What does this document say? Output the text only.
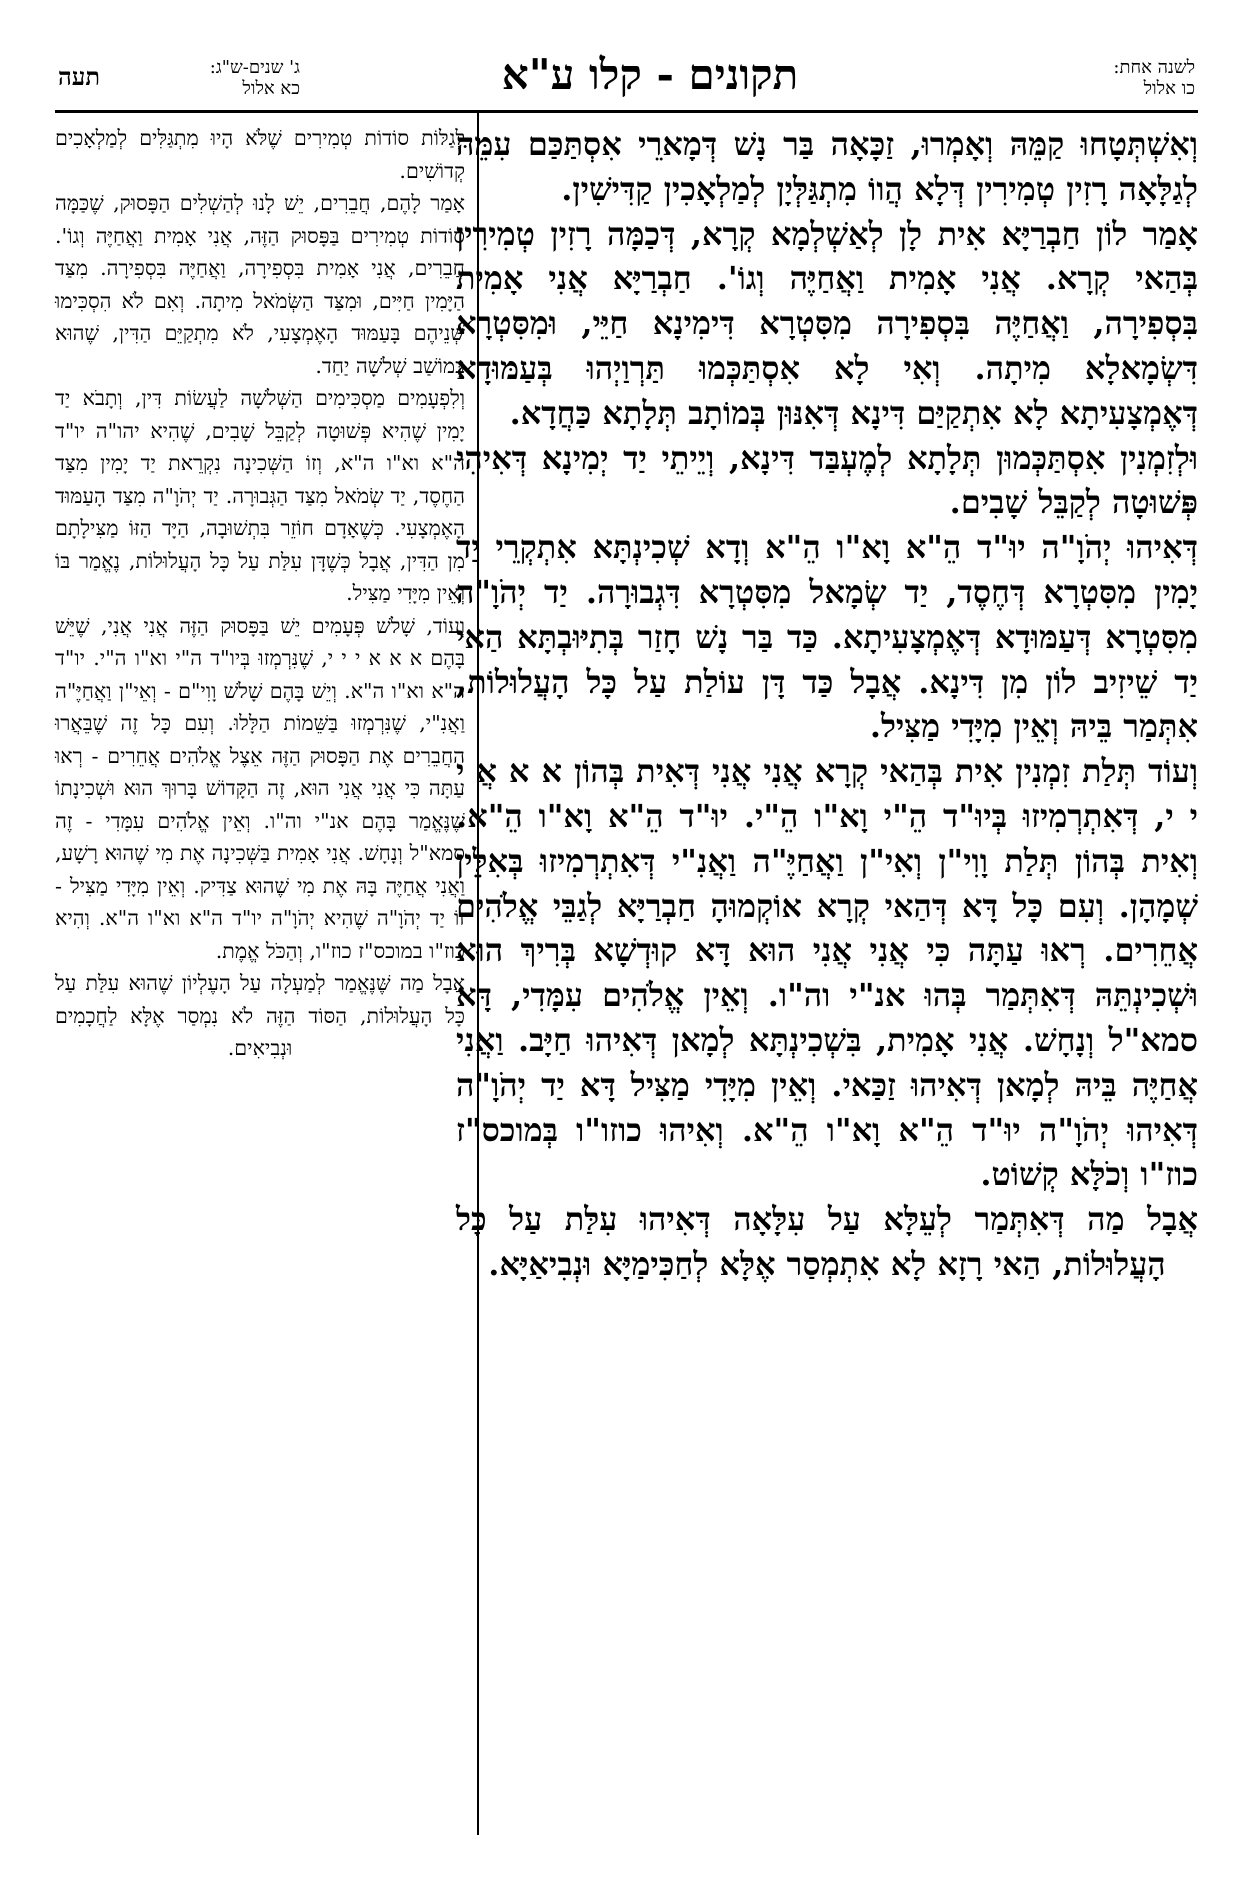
לשנה אחת:
כו אלול
תקונים - קלו ע"א
ג' שנים-ש"ג:
כא אלול
תעה

וְאִשְׁתְּטָחוּ קַמֵּהּ וְאָמְרוּ, זַכָּאָה בַּר נָשׁ דְּמָארֵי אִסְתַּכַּם עִמֵּהּ לְגַלָּאָה רָזִין טְמִירִין דְּלָא הֲווֹ מִתְגַּלְּיָן לְמַלְאָכִין קַדִּישִׁין.

אָמַר לוֹן חַבְרַיָּא אִית לָן לְאַשְׁלְמָא קְרָא, דְּכַמָּה רָזִין טְמִירִין בְּהַאי קְרָא. אֲנִי אָמִית וַאֲחַיֶּה וְגוֹ'. חַבְרַיָּא אֲנִי אָמִית בִּסְפִירָה, וַאֲחַיֶּה בִּסְפִירָה מִסִּטְרָא דִּימִינָא חַיֵּי, וּמִסִּטְרָא דִּשְׂמָאלָא מִיתָה. וְאִי לָא אִסְתַּכְּמוּ תַּרְוַיְהוּ בְּעַמּוּדָא דְּאֶמְצָעִיתָא לָא אִתְקַיַּם דִּינָא דְּאִנּוּן בְּמוֹתָב תְּלָתָא כַּחֲדָא.

וּלְזִמְנִין אִסְתַּכְּמוּן תְּלָתָא לְמֶעְבַּד דִּינָא, וְיֵיתֵי יַד יְמִינָא דְּאִיהִי פְּשׁוּטָה לְקַבֵּל שָׁבִים.

דְּאִיהוּ יְהֹוָ"ה יוּ"ד הֵ"א וָא"ו הֵ"א וְדָא שְׁכִינְתָּא אִתְקְרֵי יַד יָמִין מִסִּטְרָא דְּחֶסֶד, יַד שְׂמָאל מִסִּטְרָא דִּגְבוּרָה. יַד יְהֹוָ"ה מִסִּטְרָא דְּעַמּוּדָא דְּאֶמְצָעִיתָא. כַּד בַּר נָשׁ חָזַר בְּתִיּוּבְתָּא הַאי יַד שֵׁיזִיב לוֹן מִן דִּינָא. אֲבָל כַּד דָּן עוֹלַת עַל כָּל הָעֲלוּלוֹת, אִתְּמַר בֵּיהּ וְאֵין מִיָּדִי מַצִּיל.

וְעוֹד תְּלַת זִמְנִין אִית בְּהַאי קְרָא אֲנִי אֲנִי דְּאִית בְּהוֹן א א אֲ י י י, דְּאִתְרְמִיזוּ בְּיוּ"ד הֵ"י וָא"ו הֵ"י. יוּ"ד הֵ"א וָא"ו הֵ"א. וְאִית בְּהוֹן תְּלַת וָוִי"ן וְאִי"ן וַאֲחַיֶּ"ה וַאֲנִ"י דְּאִתְרְמִיזוּ בְּאִלֵּין שְׁמָהָן. וְעִם כָּל דָּא דְּהַאי קְרָא אוֹקְמוּהָ חַבְרַיָּא לְגַבֵּי אֱלֹהִים אֲחֵרִים. רְאוּ עַתָּה כִּי אֲנִי אֲנִי הוּא דָּא קוּדְשָׁא בְּרִיךְ הוּא וּשְׁכִינְתֵּהּ דְּאִתְּמַר בְּהוּ אנ"י וה"ו. וְאֵין אֱלֹהִים עִמָּדִי, דָּא סמא"ל וְנָחָשׁ. אֲנִי אָמִית, בִּשְׁכִינְתָּא לְמָאן דְּאִיהוּ חַיָּב. וַאֲנִי אֲחַיֶּה בֵּיהּ לְמָאן דְּאִיהוּ זַכַּאי. וְאֵין מִיָּדִי מַצִּיל דָּא יַד יְהֹוָ"ה דְּאִיהוּ יְהֹוָ"ה יוּ"ד הֵ"א וָא"ו הֵ"א. וְאִיהוּ כוזו"ו בְּמוכס"ז כוז"ו וְכֹלָּא קְשׁוֹט.

אֲבָל מַה דְּאִתְּמַר לְעֵלָּא עַל עִלָּאָה דְּאִיהוּ עִלַּת עַל כָּל הָעֲלוּלוֹת, הַאי רָזָא לָא אִתְמְסַר אֶלָּא לְחַכִּימַיָּא וּנְבִיאַיָּא.

לְגַלּוֹת סוֹדוֹת טְמִירִים שֶׁלֹּא הָיוּ מִתְגַּלִּים לְמַלְאָכִים קְדוֹשִׁים.

אָמַר לָהֶם, חֲבֵרִים, יֵשׁ לָנוּ לְהַשְׁלִים הַפָּסוּק, שֶׁכַּמָּה סוֹדוֹת טְמִירִים בַּפָּסוּק הַזֶּה, אֲנִי אָמִית וַאֲחַיֶּה וְגוֹ'. חֲבֵרִים, אֲנִי אָמִית בִּסְפִירָה, וַאֲחַיֶּה בִּסְפִירָה. מִצַּד הַיָּמִין חַיִּים, וּמִצַּד הַשְּׂמֹאל מִיתָה. וְאִם לֹא הִסְכִּימוּ שְׁנֵיהֶם בָּעַמּוּד הָאֶמְצָעִי, לֹא מִתְקַיֵּם הַדִּין, שֶׁהוּא בְּמוֹשַׁב שְׁלֹשָׁה יַחַד.

וְלִפְעָמִים מַסְכִּימִים הַשְּׁלֹשָׁה לַעֲשׂוֹת דִּין, וְתָבֹא יַד יָמִין שֶׁהִיא פְּשׁוּטָה לְקַבֵּל שָׁבִים, שֶׁהִיא יהו"ה יו"ד ה"א וא"ו ה"א, וְזוֹ הַשְּׁכִינָה נִקְרֵאת יַד יָמִין מִצַּד הַחֶסֶד, יַד שְׂמֹאל מִצַּד הַגְּבוּרָה. יַד יְהֹוָ"ה מִצַּד הָעַמּוּד הָאֶמְצָעִי. כְּשֶׁאָדָם חוֹזֵר בִּתְשׁוּבָה, הַיָּד הַזּוֹ מַצִּילָתָם מִן הַדִּין, אֲבָל כְּשֶׁדָּן עִלַּת עַל כָּל הָעֲלוּלוֹת, נֶאֱמַר בּוֹ וְאֵין מִיָּדִי מַצִּיל.

וְעוֹד, שָׁלֹשׁ פְּעָמִים יֵשׁ בַּפָּסוּק הַזֶּה אֲנִי אֲנִי, שֶׁיֵּשׁ בָּהֶם א א א י י י, שֶׁנִּרְמְזוּ בְּיו"ד ה"י וא"ו ה"י. יו"ד ה"א וא"ו ה"א. וְיֵשׁ בָּהֶם שָׁלֹשׁ וָוִי"ם - וְאֵי"ן וַאֲחַיֶּ"ה וַאֲנִ"י, שֶׁנִּרְמְזוּ בַּשֵּׁמוֹת הַלָּלוּ. וְעִם כָּל זֶה שֶׁבֵּאֲרוּ הַחֲבֵרִים אֶת הַפָּסוּק הַזֶּה אֵצֶל אֱלֹהִים אֲחֵרִים - רְאוּ עַתָּה כִּי אֲנִי אֲנִי הוּא, זֶה הַקָּדוֹשׁ בָּרוּךְ הוּא וּשְׁכִינָתוֹ שֶׁנֶּאֱמַר בָּהֶם אנ"י וה"ו. וְאֵין אֱלֹהִים עִמָּדִי - זֶה סמא"ל וְנָחָשׁ. אֲנִי אָמִית בַּשְּׁכִינָה אֶת מִי שֶׁהוּא רָשָׁע, וַאֲנִי אֲחַיֶּה בָּהּ אֶת מִי שֶׁהוּא צַדִּיק. וְאֵין מִיָּדִי מַצִּיל - זוֹ יַד יְהֹוָ"ה שֶׁהִיא יְהֹוָ"ה יו"ד ה"א וא"ו ה"א. וְהִיא כוז"ו במוכס"ז כוז"ו, וְהַכֹּל אֱמֶת.

אֲבָל מַה שֶּׁנֶּאֱמַר לְמַעְלָה עַל הָעֶלְיוֹן שֶׁהוּא עִלַּת עַל כָּל הָעֲלוּלוֹת, הַסּוֹד הַזֶּה לֹא נִמְסַר אֶלָּא לַחֲכָמִים וּנְבִיאִים.
